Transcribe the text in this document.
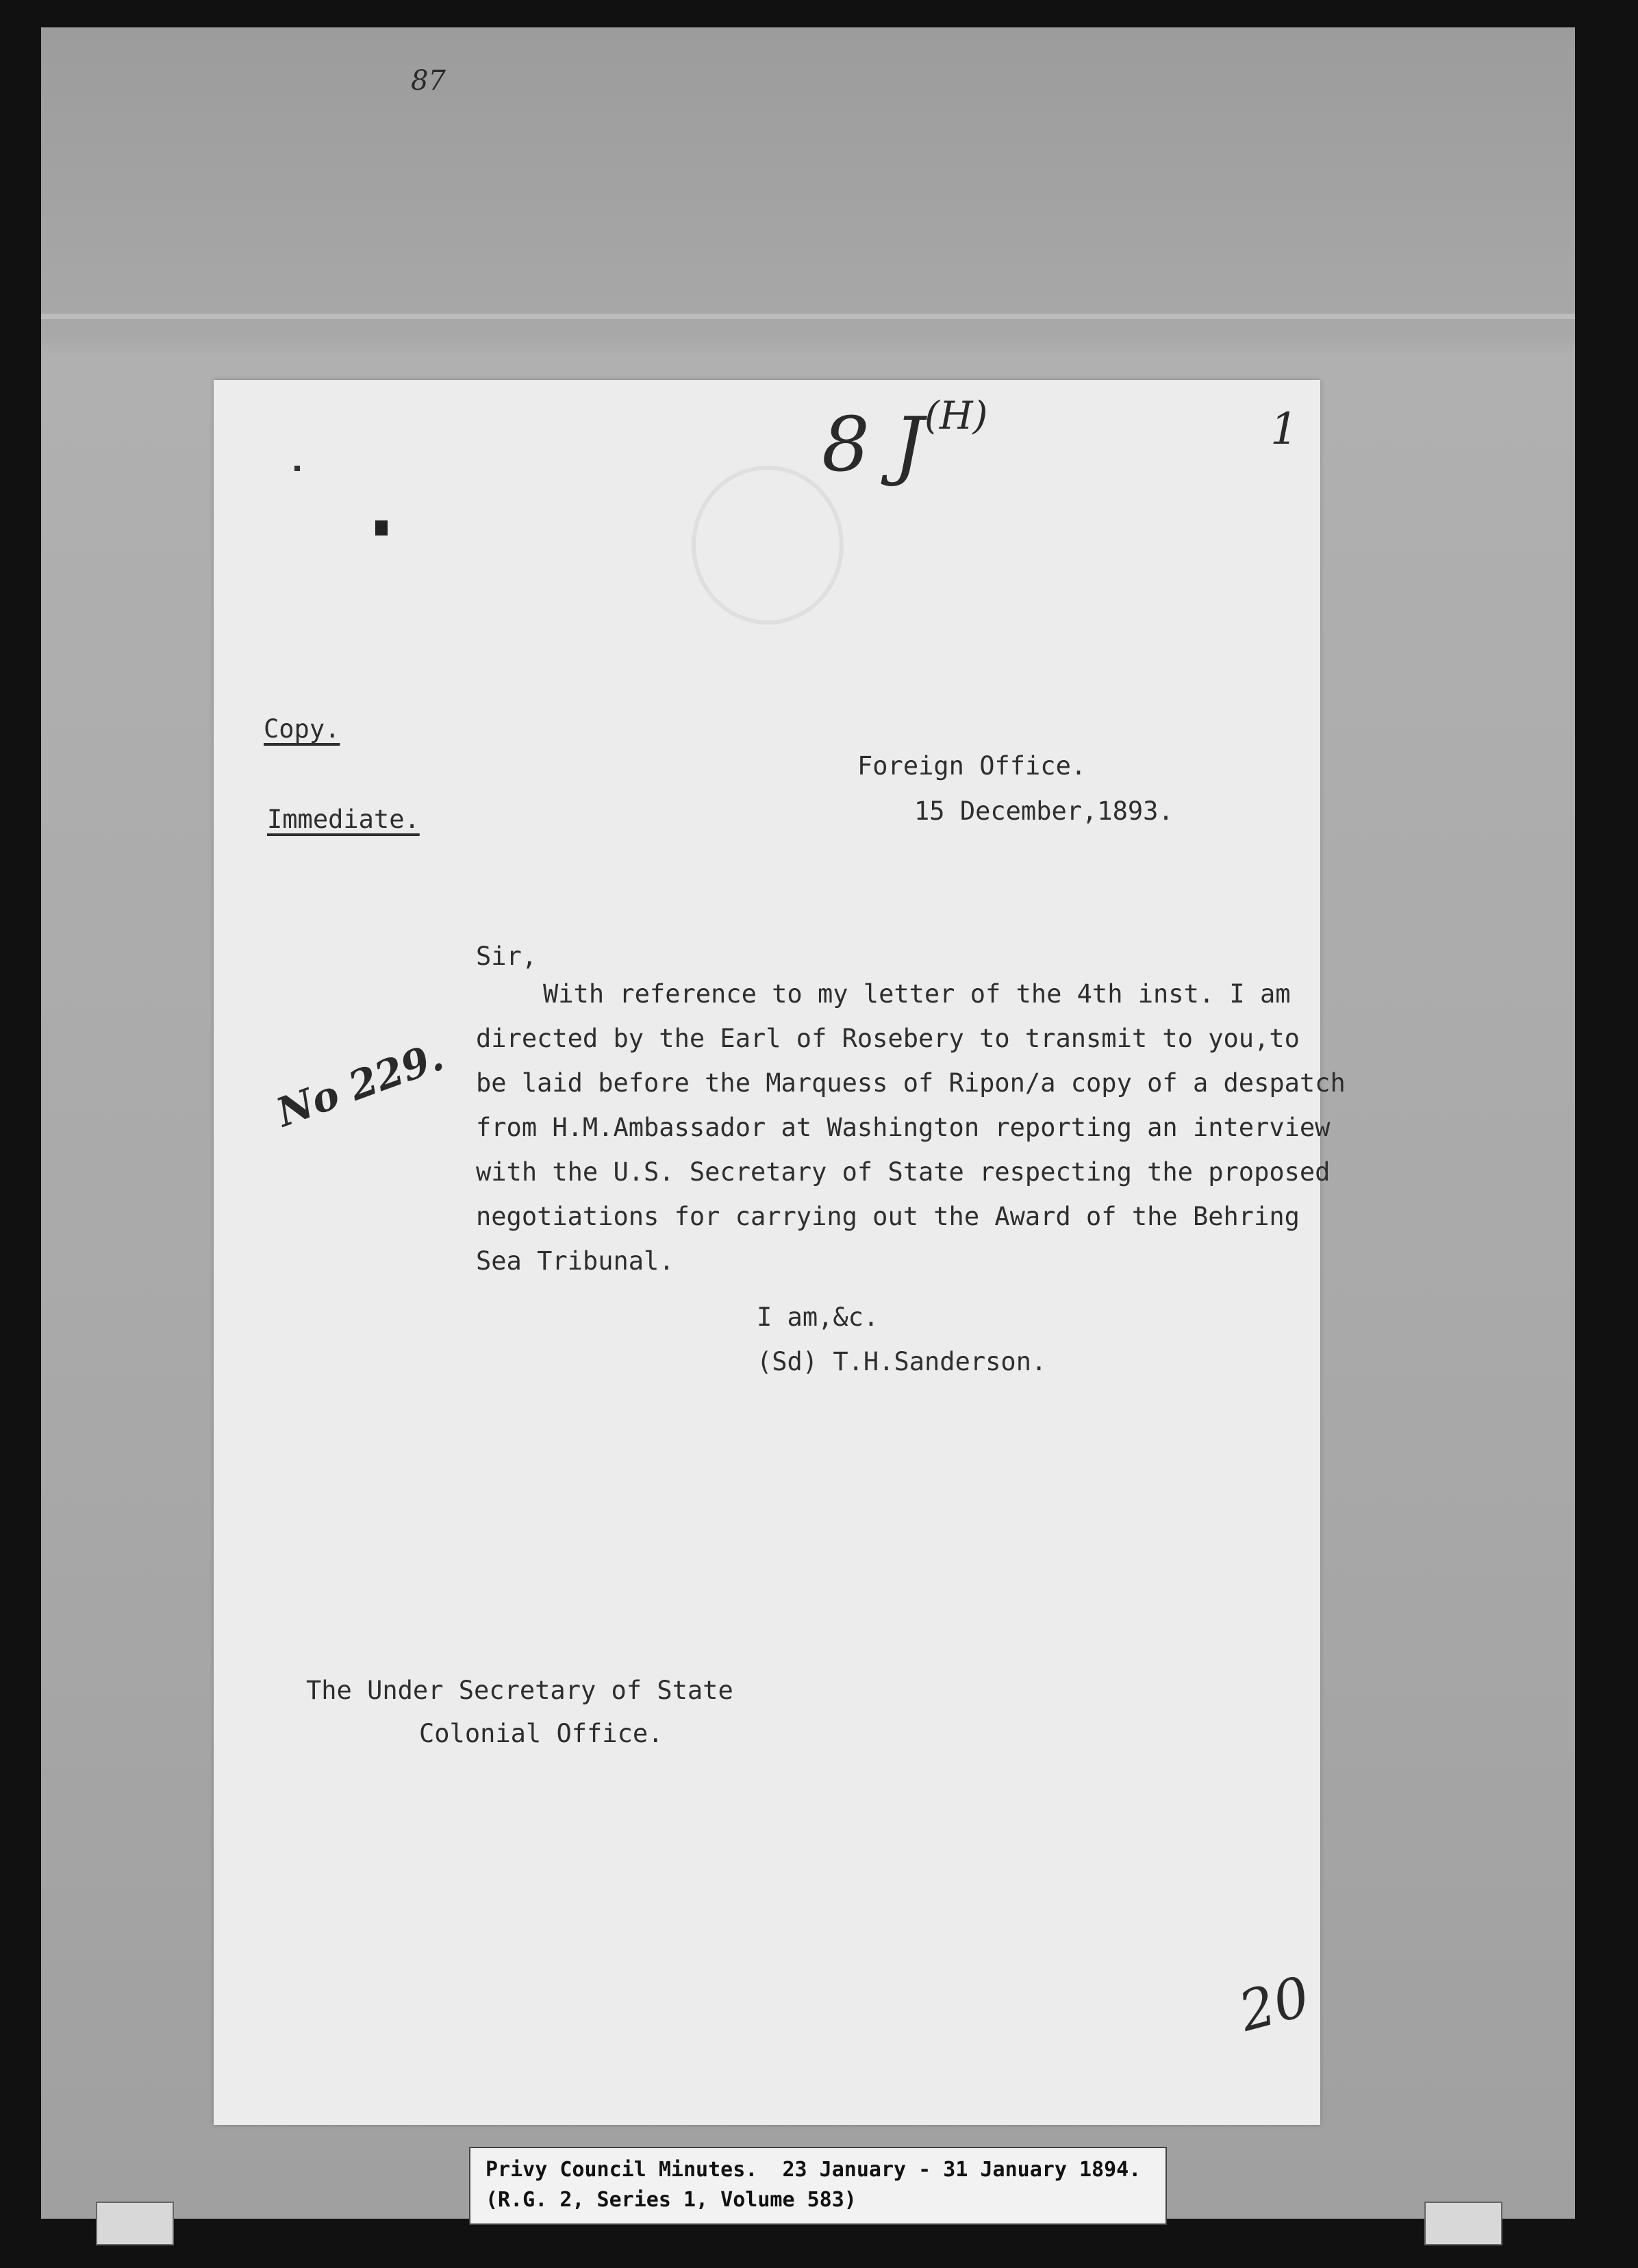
87
8 J (H)	1
Copy.
Immediate.
Foreign Office.
15 December,1893.
No 229.
Sir,

With reference to my letter of the 4th inst. I am

directed by the Earl of Rosebery to transmit to you,to

be laid before the Marquess of Ripon/a copy of a despatch

from H.M.Ambassador at Washington reporting an interview

with the U.S. Secretary of State respecting the proposed

negotiations for carrying out the Award of the Behring

Sea Tribunal.

I am,&c.
(Sd) T.H.Sanderson.
The Under Secretary of State
Colonial Office.
20
Privy Council Minutes.  23 January - 31 January 1894.
(R.G. 2, Series 1, Volume 583)
